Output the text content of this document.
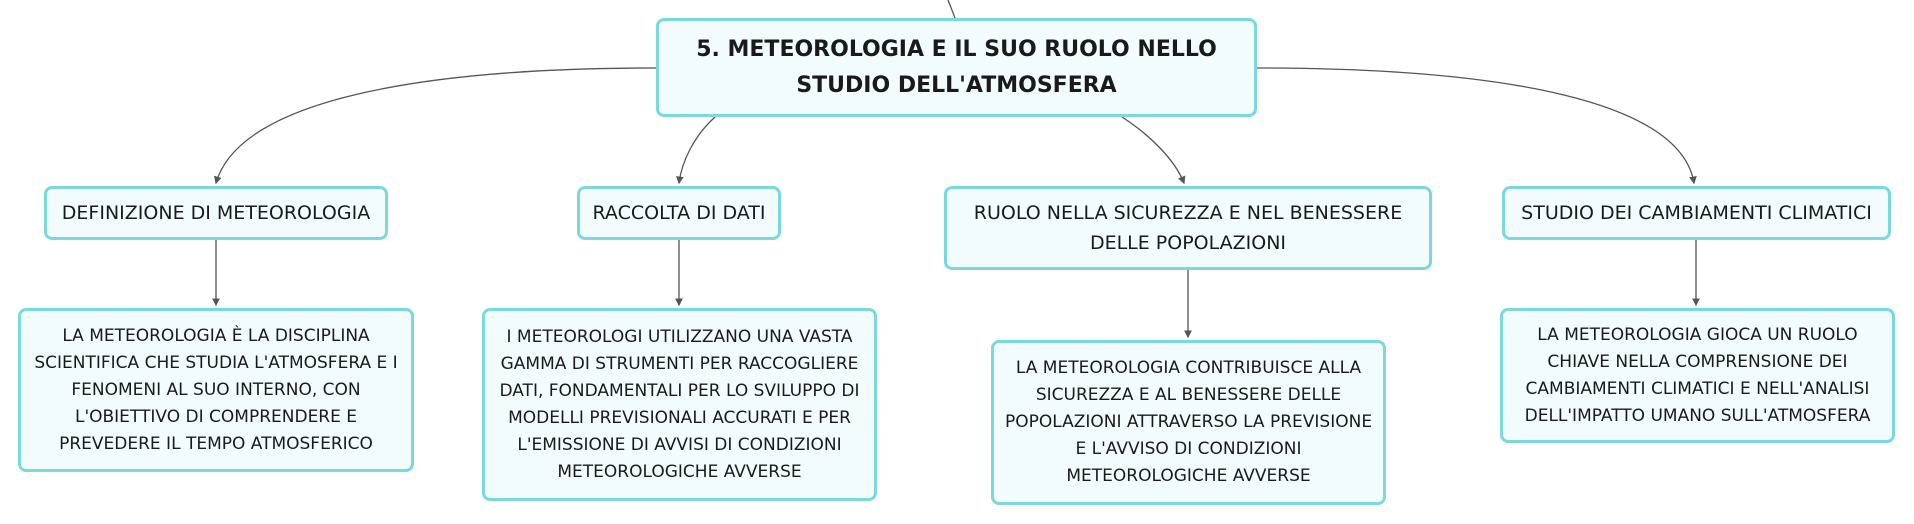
5. METEOROLOGIA E IL SUO RUOLO NELLO STUDIO DELL'ATMOSFERA
DEFINIZIONE DI METEOROLOGIA	RACCOLTA DI DATI	RUOLO NELLA SICUREZZA E NEL BENESSERE DELLE POPOLAZIONI
STUDIO DEI CAMBIAMENTI CLIMATICI
LA METEOROLOGIA È LA DISCIPLINA SCIENTIFICA CHE STUDIA L'ATMOSFERA E I FENOMENI AL SUO INTERNO, CON L'OBIETTIVO DI COMPRENDERE E PREVEDERE IL TEMPO ATMOSFERICO
I METEOROLOGI UTILIZZANO UNA VASTA GAMMA DI STRUMENTI PER RACCOGLIERE DATI, FONDAMENTALI PER LO SVILUPPO DI MODELLI PREVISIONALI ACCURATI E PER L'EMISSIONE DI AVVISI DI CONDIZIONI METEOROLOGICHE AVVERSE
LA METEOROLOGIA CONTRIBUISCE ALLA SICUREZZA E AL BENESSERE DELLE POPOLAZIONI ATTRAVERSO LA PREVISIONE E L'AVVISO DI CONDIZIONI METEOROLOGICHE AVVERSE
LA METEOROLOGIA GIOCA UN RUOLO CHIAVE NELLA COMPRENSIONE DEI CAMBIAMENTI CLIMATICI E NELL'ANALISI DELL'IMPATTO UMANO SULL'ATMOSFERA
